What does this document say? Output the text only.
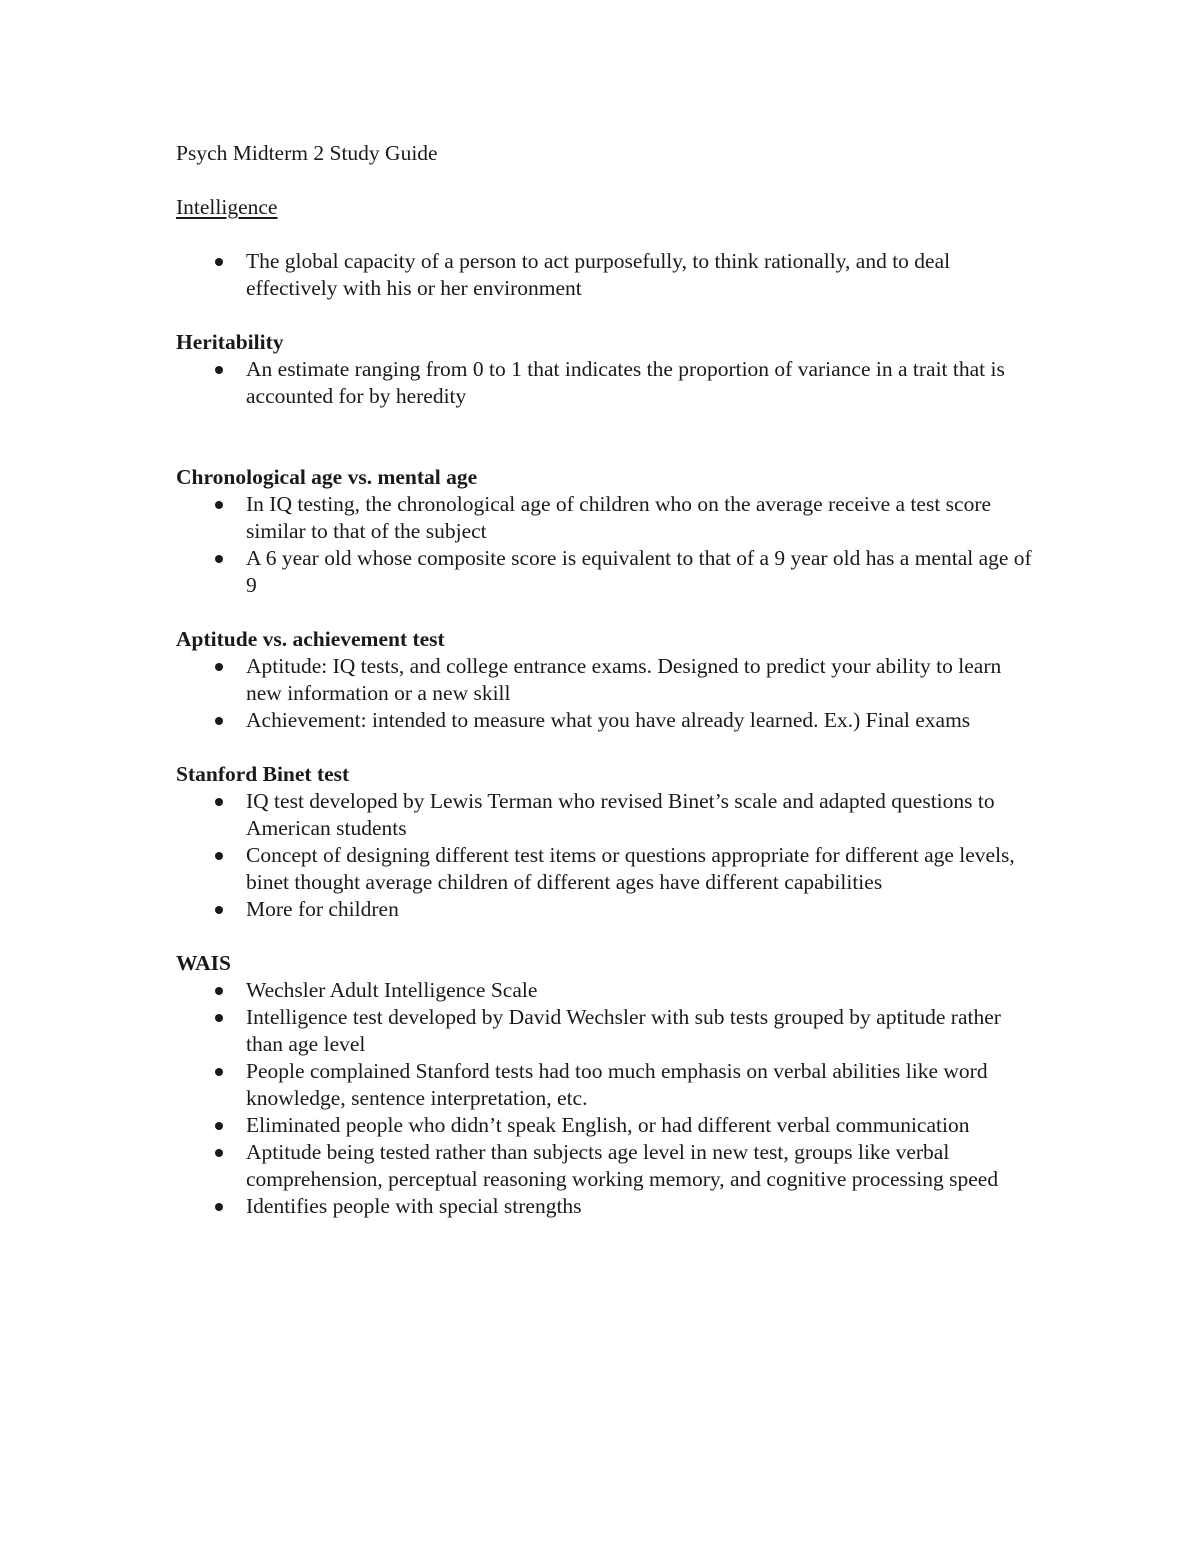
Psych Midterm 2 Study Guide

Intelligence

The global capacity of a person to act purposefully, to think rationally, and to deal effectively with his or her environment

Heritability

An estimate ranging from 0 to 1 that indicates the proportion of variance in a trait that is accounted for by heredity

Chronological age vs. mental age

In IQ testing, the chronological age of children who on the average receive a test score similar to that of the subject
A 6 year old whose composite score is equivalent to that of a 9 year old has a mental age of 9

Aptitude vs. achievement test

Aptitude: IQ tests, and college entrance exams. Designed to predict your ability to learn new information or a new skill
Achievement: intended to measure what you have already learned. Ex.) Final exams

Stanford Binet test

IQ test developed by Lewis Terman who revised Binet’s scale and adapted questions to American students
Concept of designing different test items or questions appropriate for different age levels, binet thought average children of different ages have different capabilities
More for children

WAIS

Wechsler Adult Intelligence Scale
Intelligence test developed by David Wechsler with sub tests grouped by aptitude rather than age level
People complained Stanford tests had too much emphasis on verbal abilities like word knowledge, sentence interpretation, etc.
Eliminated people who didn’t speak English, or had different verbal communication
Aptitude being tested rather than subjects age level in new test, groups like verbal comprehension, perceptual reasoning working memory, and cognitive processing speed
Identifies people with special strengths
